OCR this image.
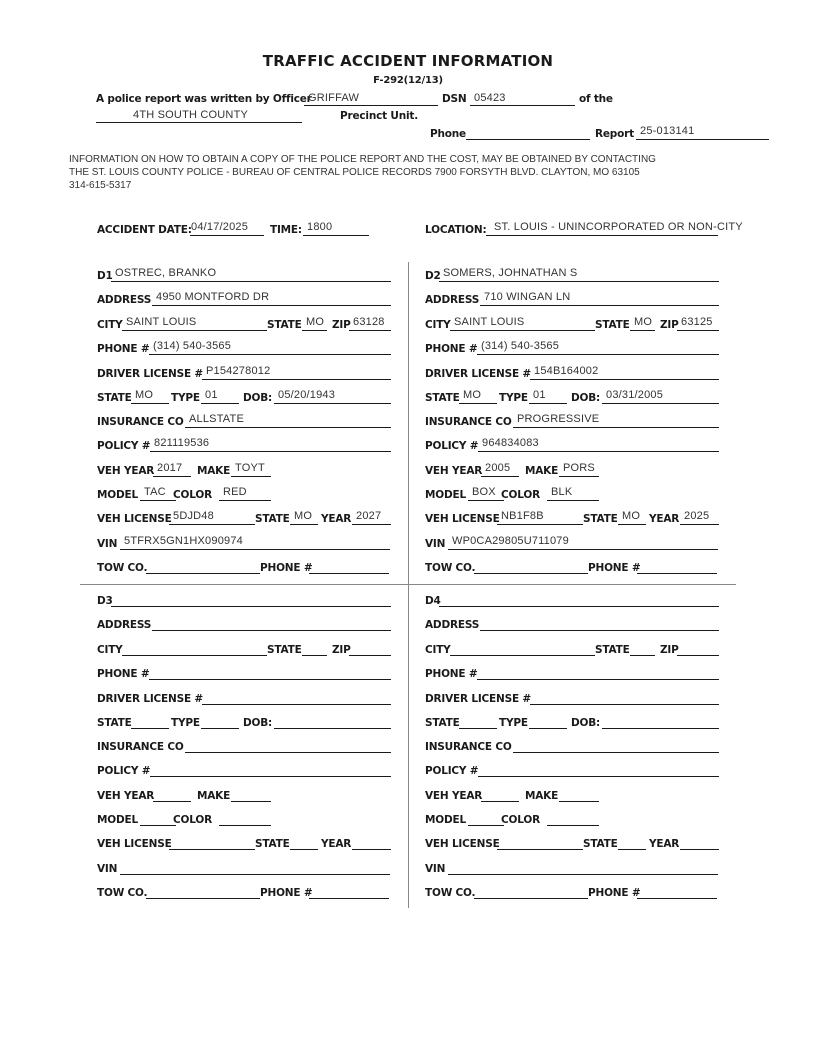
TRAFFIC ACCIDENT INFORMATION
F-292(12/13)
A police report was written by Officer
GRIFFAW	DSN 05423	of the
4TH SOUTH COUNTY	Precinct Unit.
Phone	Report 25-013141
INFORMATION ON HOW TO OBTAIN A COPY OF THE POLICE REPORT AND THE COST, MAY BE OBTAINED BY CONTACTING
THE ST. LOUIS COUNTY POLICE - BUREAU OF CENTRAL POLICE RECORDS 7900 FORSYTH BLVD. CLAYTON, MO 63105
314-615-5317
ACCIDENT DATE: 04/17/2025 TIME: 1800	LOCATION: ST. LOUIS - UNINCORPORATED OR NON-CITY
D1 OSTREC, BRANKO
ADDRESS 4950 MONTFORD DR
CITY SAINT LOUIS	STATE MO ZIP 63128
PHONE # (314) 540-3565
DRIVER LICENSE # P154278012
STATE MO TYPE 01 DOB: 05/20/1943
INSURANCE CO ALLSTATE
POLICY # 821119536
VEH YEAR 2017 MAKE TOYT
MODEL TAC COLOR RED
VEH LICENSE 5DJD48	STATE MO YEAR 2027
VIN 5TFRX5GN1HX090974
TOW CO.	PHONE #
D2 SOMERS, JOHNATHAN S
ADDRESS 710 WINGAN LN
CITY SAINT LOUIS	STATE MO ZIP 63125
PHONE # (314) 540-3565
DRIVER LICENSE # 154B164002
STATE MO TYPE 01 DOB: 03/31/2005
INSURANCE CO PROGRESSIVE
POLICY # 964834083
VEH YEAR 2005 MAKE PORS
MODEL BOX COLOR BLK
VEH LICENSE NB1F8B	STATE MO YEAR 2025
VIN WP0CA29805U711079
TOW CO.	PHONE #
D3
ADDRESS
CITY	STATE	ZIP
PHONE #
DRIVER LICENSE #
STATE	TYPE	DOB:
INSURANCE CO
POLICY #
VEH YEAR	MAKE
MODEL	COLOR
VEH LICENSE	STATE	YEAR
VIN
TOW CO.	PHONE #
D4
ADDRESS
CITY	STATE	ZIP
PHONE #
DRIVER LICENSE #
STATE	TYPE	DOB:
INSURANCE CO
POLICY #
VEH YEAR	MAKE
MODEL	COLOR
VEH LICENSE	STATE	YEAR
VIN
TOW CO.	PHONE #
